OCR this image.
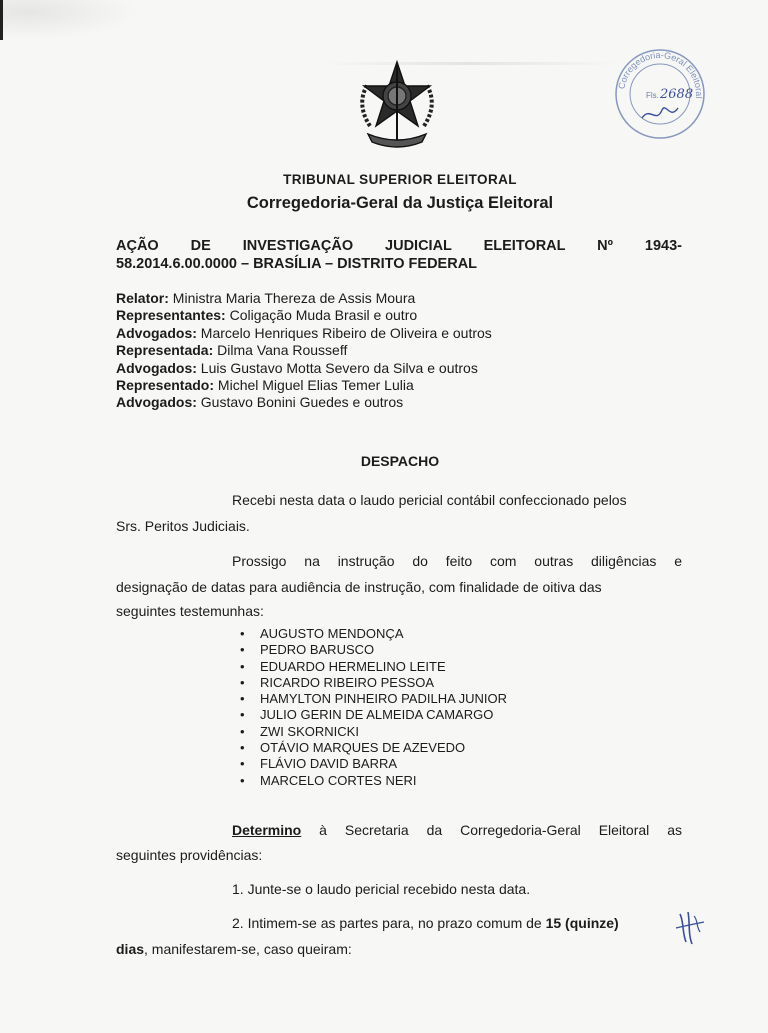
Corregedoria-Geral Eleitoral
Fls. 2688
TRIBUNAL SUPERIOR ELEITORAL
Corregedoria-Geral da Justiça Eleitoral
AÇÃO DE INVESTIGAÇÃO JUDICIAL ELEITORAL Nº 1943-
58.2014.6.00.0000 – BRASÍLIA – DISTRITO FEDERAL
Relator: Ministra Maria Thereza de Assis Moura
Representantes: Coligação Muda Brasil e outro
Advogados: Marcelo Henriques Ribeiro de Oliveira e outros
Representada: Dilma Vana Rousseff
Advogados: Luis Gustavo Motta Severo da Silva e outros
Representado: Michel Miguel Elias Temer Lulia
Advogados: Gustavo Bonini Guedes e outros
DESPACHO
Recebi nesta data o laudo pericial contábil confeccionado pelos
Srs. Peritos Judiciais.
Prossigo na instrução do feito com outras diligências e
designação de datas para audiência de instrução, com finalidade de oitiva das
seguintes testemunhas:
• AUGUSTO MENDONÇA
• PEDRO BARUSCO
• EDUARDO HERMELINO LEITE
• RICARDO RIBEIRO PESSOA
• HAMYLTON PINHEIRO PADILHA JUNIOR
• JULIO GERIN DE ALMEIDA CAMARGO
• ZWI SKORNICKI
• OTÁVIO MARQUES DE AZEVEDO
• FLÁVIO DAVID BARRA
• MARCELO CORTES NERI
Determino à Secretaria da Corregedoria-Geral Eleitoral as
seguintes providências:
1. Junte-se o laudo pericial recebido nesta data.
2. Intimem-se as partes para, no prazo comum de 15 (quinze)
dias, manifestarem-se, caso queiram:
